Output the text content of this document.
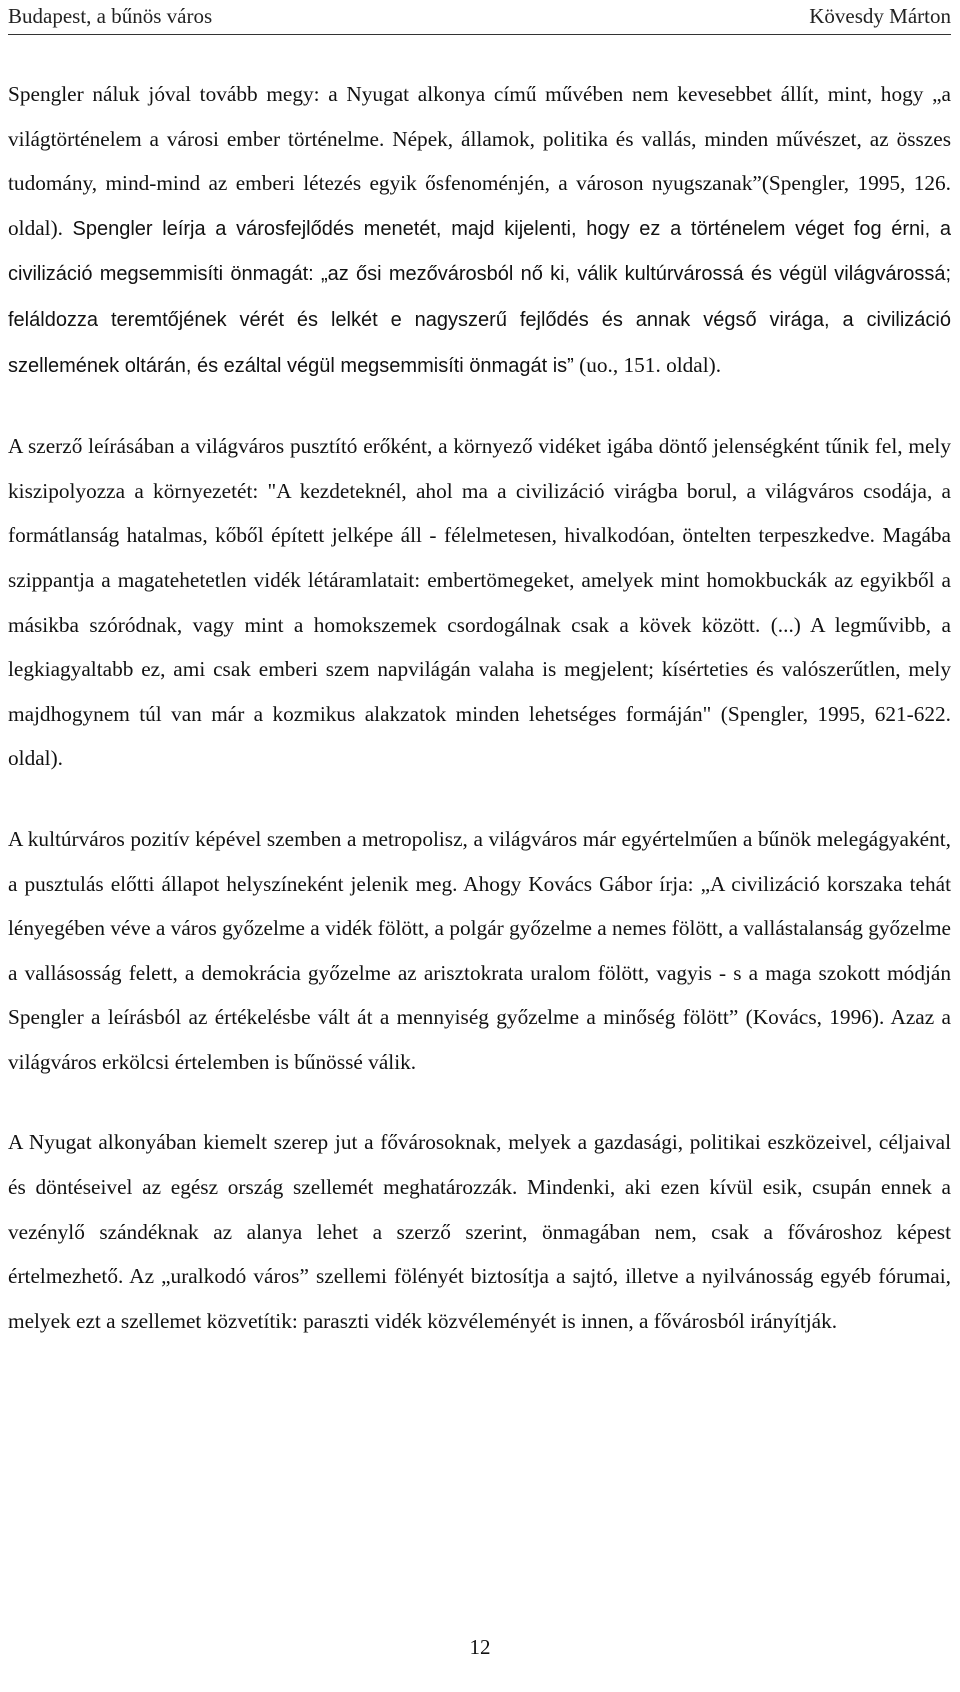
Budapest, a bűnös város	Kövesdy Márton

Spengler náluk jóval tovább megy: a Nyugat alkonya című művében nem kevesebbet állít, mint, hogy „a világtörténelem a városi ember történelme. Népek, államok, politika és vallás, minden művészet, az összes tudomány, mind-mind az emberi létezés egyik ősfenoménjén, a városon nyugszanak”(Spengler, 1995, 126. oldal). Spengler leírja a városfejlődés menetét, majd kijelenti, hogy ez a történelem véget fog érni, a civilizáció megsemmisíti önmagát: „az ősi mezővárosból nő ki, válik kultúrvárossá és végül világvárossá; feláldozza teremtőjének vérét és lelkét e nagyszerű fejlődés és annak végső virága, a civilizáció szellemének oltárán, és ezáltal végül megsemmisíti önmagát is” (uo., 151. oldal).

A szerző leírásában a világváros pusztító erőként, a környező vidéket igába döntő jelenségként tűnik fel, mely kiszipolyozza a környezetét: "A kezdeteknél, ahol ma a civilizáció virágba borul, a világváros csodája, a formátlanság hatalmas, kőből épített jelképe áll - félelmetesen, hivalkodóan, öntelten terpeszkedve. Magába szippantja a magatehetetlen vidék létáramlatait: embertömegeket, amelyek mint homokbuckák az egyikből a másikba szóródnak, vagy mint a homokszemek csordogálnak csak a kövek között. (...) A legművibb, a legkiagyaltabb ez, ami csak emberi szem napvilágán valaha is megjelent; kísérteties és valószerűtlen, mely majdhogynem túl van már a kozmikus alakzatok minden lehetséges formáján" (Spengler, 1995, 621-622. oldal).

A kultúrváros pozitív képével szemben a metropolisz, a világváros már egyértelműen a bűnök melegágyaként, a pusztulás előtti állapot helyszíneként jelenik meg. Ahogy Kovács Gábor írja: „A civilizáció korszaka tehát lényegében véve a város győzelme a vidék fölött, a polgár győzelme a nemes fölött, a vallástalanság győzelme a vallásosság felett, a demokrácia győzelme az arisztokrata uralom fölött, vagyis - s a maga szokott módján Spengler a leírásból az értékelésbe vált át a mennyiség győzelme a minőség fölött” (Kovács, 1996). Azaz a világváros erkölcsi értelemben is bűnössé válik.

A Nyugat alkonyában kiemelt szerep jut a fővárosoknak, melyek a gazdasági, politikai eszközeivel, céljaival és döntéseivel az egész ország szellemét meghatározzák. Mindenki, aki ezen kívül esik, csupán ennek a vezénylő szándéknak az alanya lehet a szerző szerint, önmagában nem, csak a fővároshoz képest értelmezhető. Az „uralkodó város” szellemi fölényét biztosítja a sajtó, illetve a nyilvánosság egyéb fórumai, melyek ezt a szellemet közvetítik: paraszti vidék közvéleményét is innen, a fővárosból irányítják.

12
